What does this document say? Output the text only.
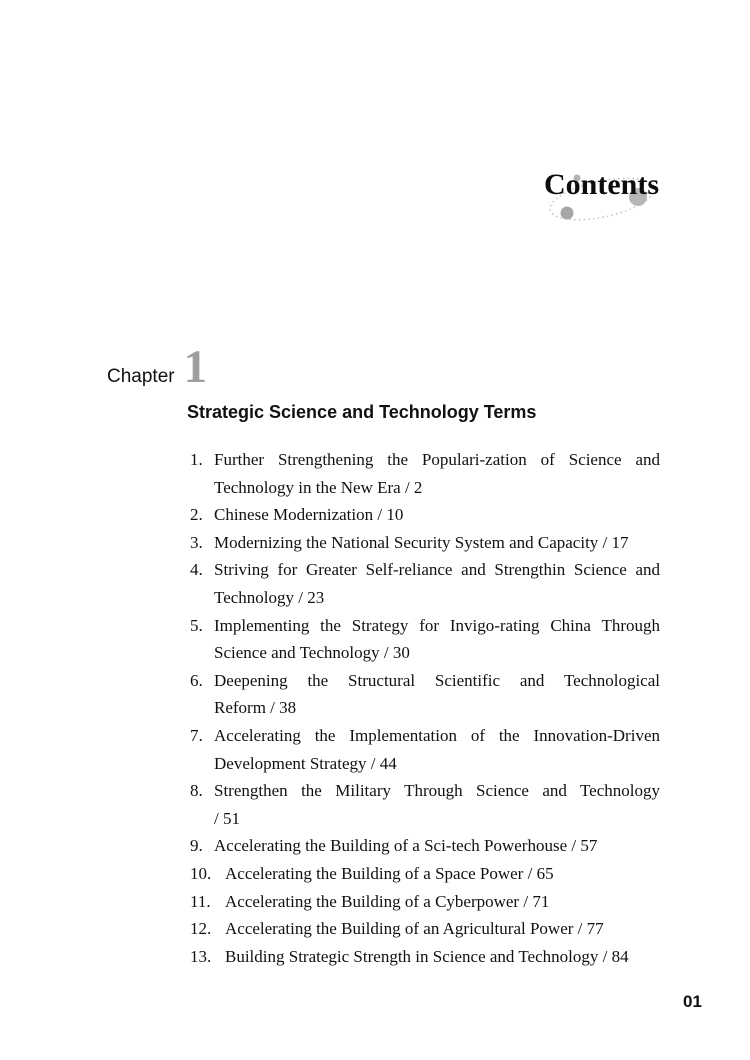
Contents
Chapter 1
Strategic Science and Technology Terms
1. Further Strengthening the Populari-zation of Science and
Technology in the New Era / 2
2. Chinese Modernization / 10
3. Modernizing the National Security System and Capacity / 17
4. Striving for Greater Self-reliance and Strengthin Science and
Technology / 23
5. Implementing the Strategy for Invigo-rating China Through
Science and Technology / 30
6. Deepening the Structural Scientific and Technological
Reform / 38
7. Accelerating the Implementation of the Innovation-Driven
Development Strategy / 44
8. Strengthen the Military Through Science and Technology
/ 51
9. Accelerating the Building of a Sci-tech Powerhouse / 57
10. Accelerating the Building of a Space Power / 65
11. Accelerating the Building of a Cyberpower / 71
12. Accelerating the Building of an Agricultural Power / 77
13. Building Strategic Strength in Science and Technology / 84
01
